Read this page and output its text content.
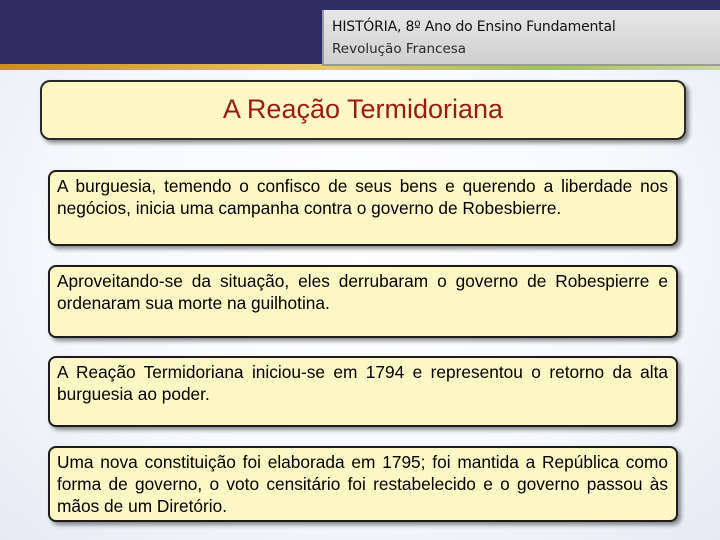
HISTÓRIA, 8º Ano do Ensino Fundamental
Revolução Francesa
A Reação Termidoriana

A burguesia, temendo o confisco de seus bens e querendo a liberdade nos negócios, inicia uma campanha contra o governo de Robesbierre.

Aproveitando-se da situação, eles derrubaram o governo de Robespierre e ordenaram sua morte na guilhotina.

A Reação Termidoriana iniciou-se em 1794 e representou o retorno da alta burguesia ao poder.

Uma nova constituição foi elaborada em 1795; foi mantida a República como forma de governo, o voto censitário foi restabelecido e o governo passou às mãos de um Diretório.
